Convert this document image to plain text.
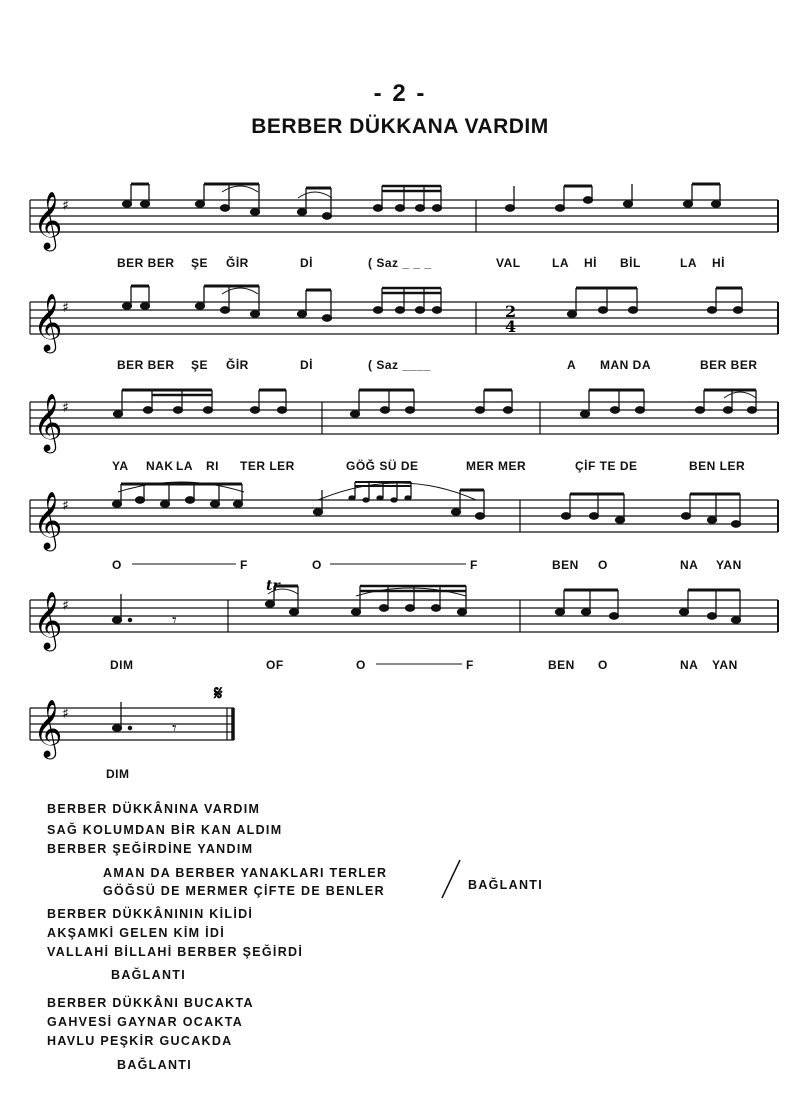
- 2 -
BERBER DÜKKANA VARDIM
𝄞 ♯
BER BER ŞE ĞİR	Dİ	( Saz _ _ _	VAL	LA Hİ BİL	LA Hİ
𝄞 ♯	2
4
BER BER ŞE ĞİR	Dİ	( Saz ____	A MAN DA	BER BER
𝄞 ♯
YA NAK LA RI TER LER	GÖĞ SÜ DE	MER MER	ÇİF TE DE	BEN LER
𝄞 ♯
O	F	O	F	BEN O	NA YAN
𝄞 ♯
tr
𝄾
DIM	OF	O	F	BEN O	NA YAN
𝄞 ♯
𝄋
𝄾
DIM
BERBER DÜKKÂNINA VARDIM
SAĞ KOLUMDAN BİR KAN ALDIM
BERBER ŞEĞİRDİNE YANDIM
AMAN DA BERBER YANAKLARI TERLER
GÖĞSÜ DE MERMER ÇİFTE DE BENLER	BAĞLANTI
BERBER DÜKKÂNININ KİLİDİ
AKŞAMKİ GELEN KİM İDİ
VALLAHİ BİLLAHİ BERBER ŞEĞİRDİ
BAĞLANTI
BERBER DÜKKÂNI BUCAKTA
GAHVESİ GAYNAR OCAKTA
HAVLU PEŞKİR GUCAKDA
BAĞLANTI
